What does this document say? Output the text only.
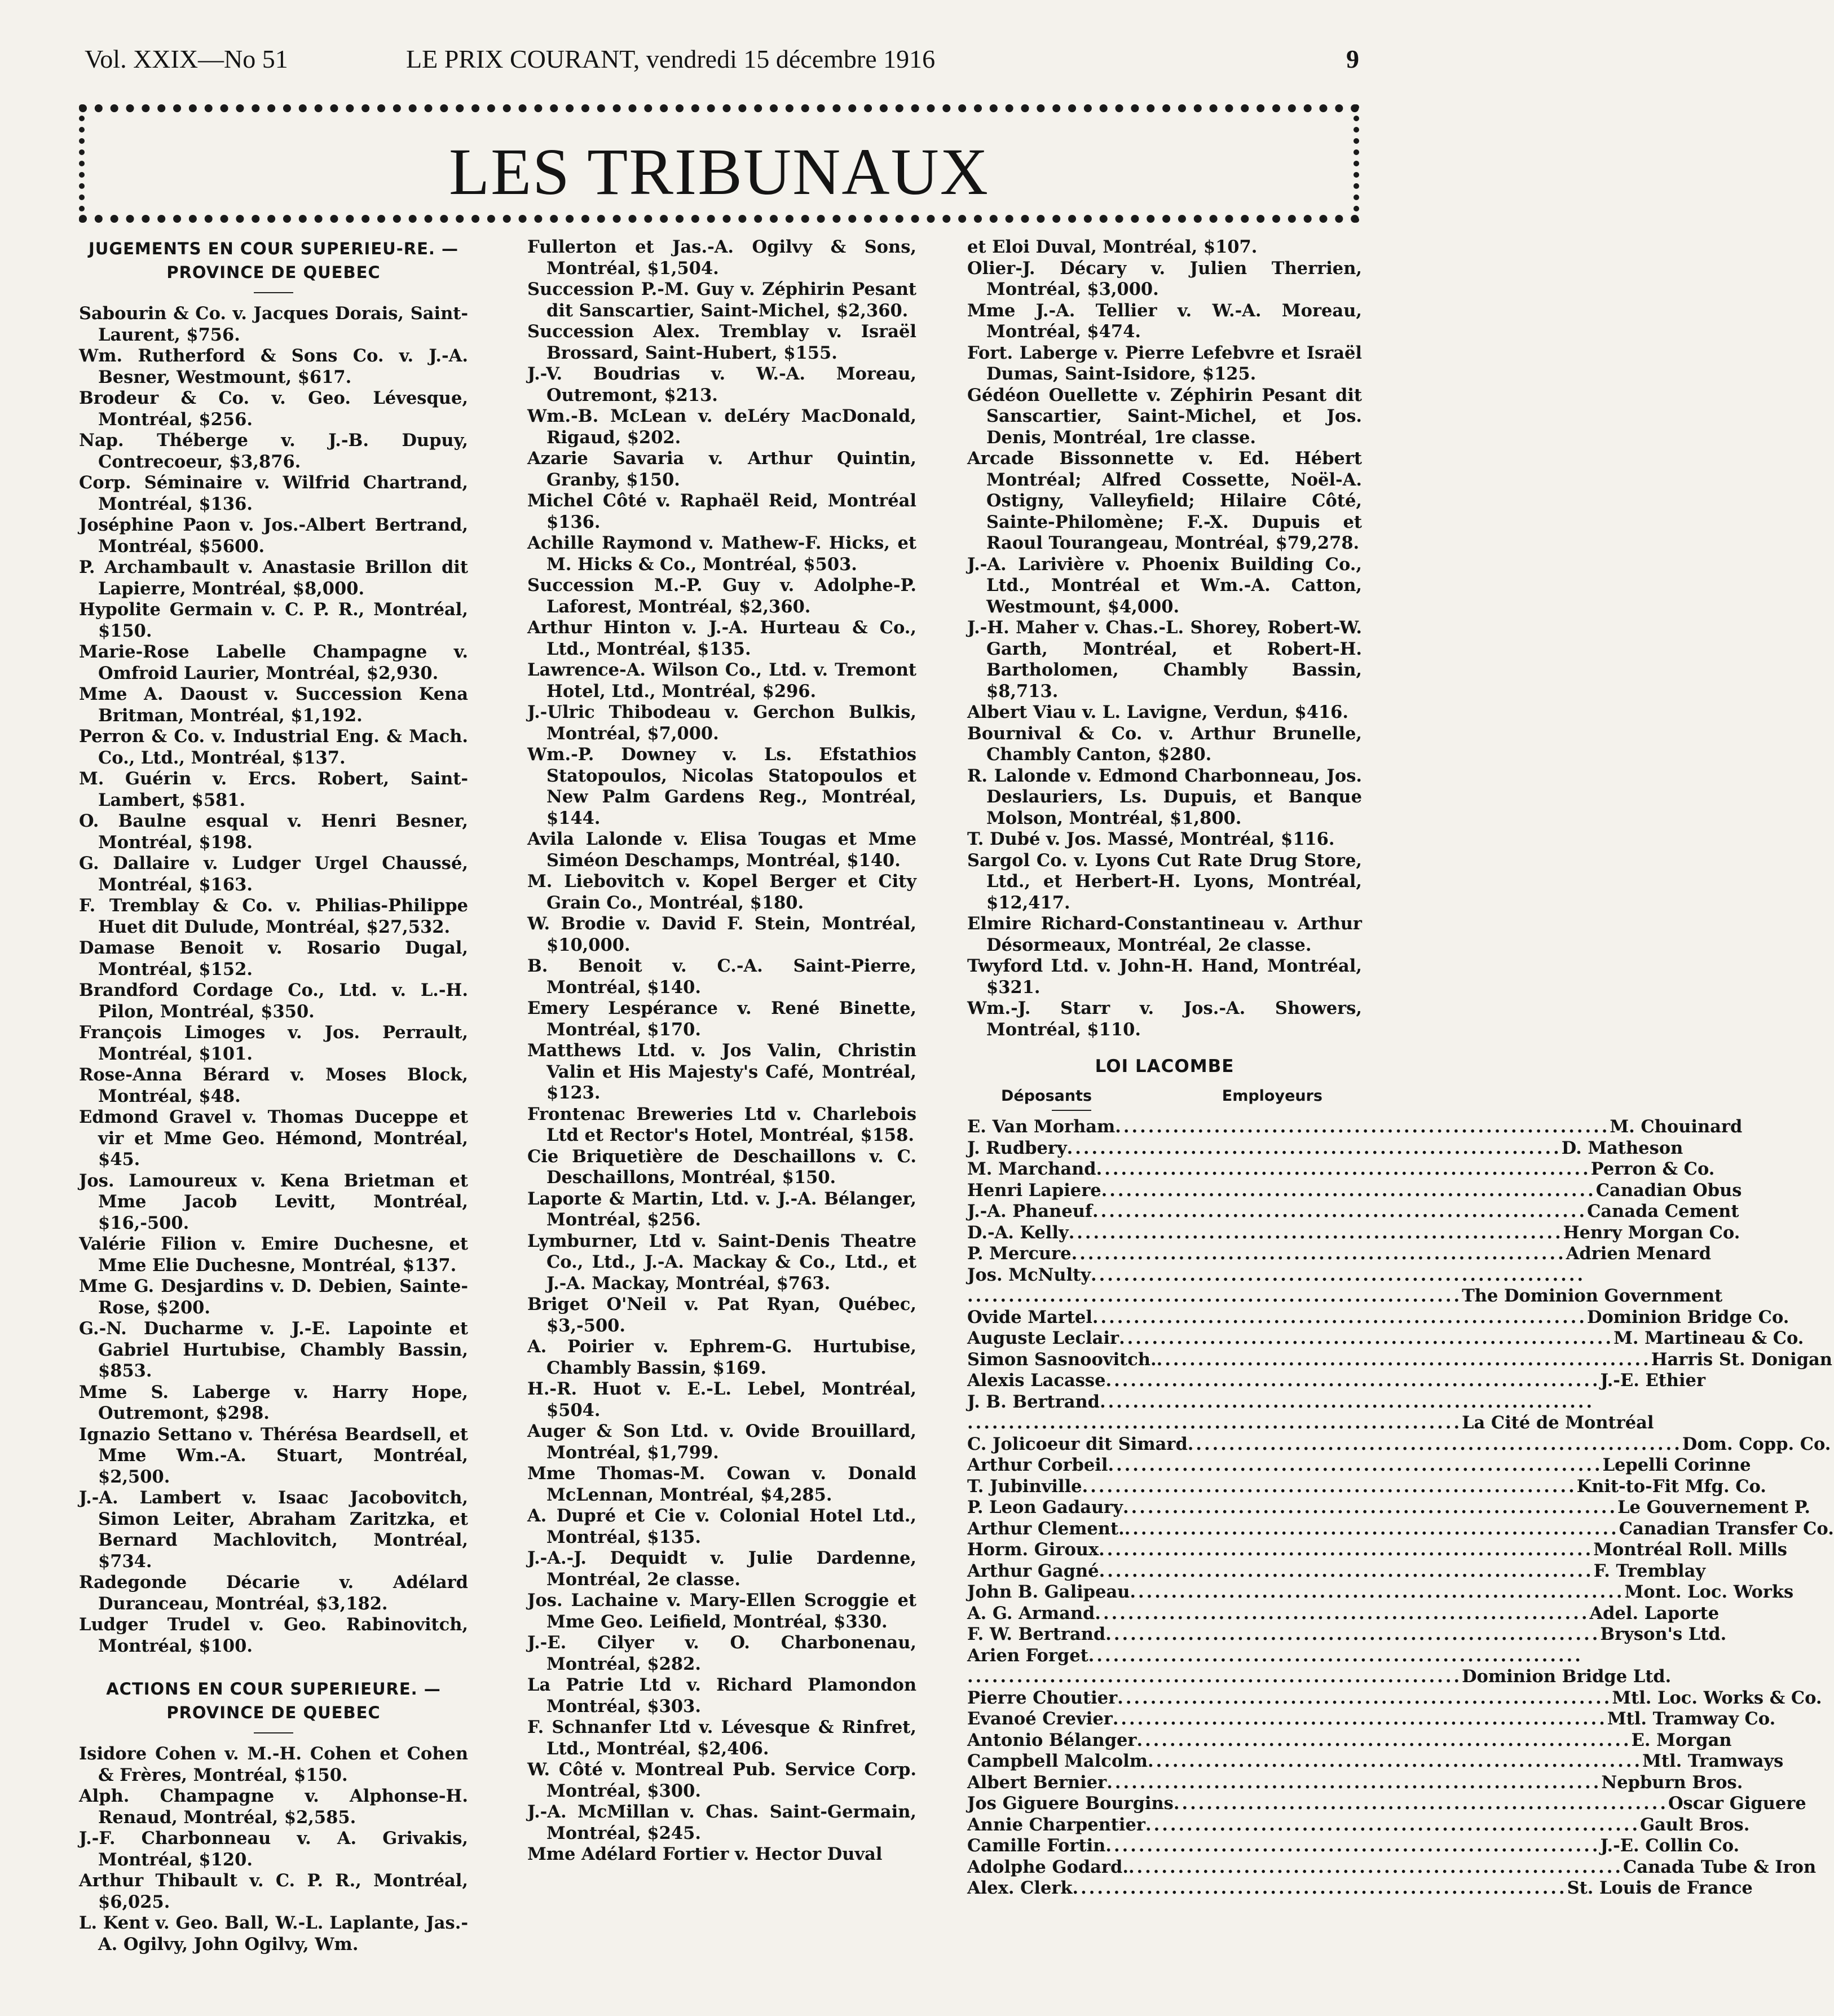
Vol. XXIX—No 51	LE PRIX COURANT, vendredi 15 décembre 1916	9
LES TRIBUNAUX
JUGEMENTS EN COUR SUPERIEU-RE. — PROVINCE DE QUEBEC
Sabourin & Co. v. Jacques Dorais, Saint-Laurent, $756.
Wm. Rutherford & Sons Co. v. J.-A. Besner, Westmount, $617.
Brodeur & Co. v. Geo. Lévesque, Montréal, $256.
Nap. Théberge v. J.-B. Dupuy, Contrecoeur, $3,876.
Corp. Séminaire v. Wilfrid Chartrand, Montréal, $136.
Joséphine Paon v. Jos.-Albert Bertrand, Montréal, $5600.
P. Archambault v. Anastasie Brillon dit Lapierre, Montréal, $8,000.
Hypolite Germain v. C. P. R., Montréal, $150.
Marie-Rose Labelle Champagne v. Omfroid Laurier, Montréal, $2,930.
Mme A. Daoust v. Succession Kena Britman, Montréal, $1,192.
Perron & Co. v. Industrial Eng. & Mach. Co., Ltd., Montréal, $137.
M. Guérin v. Ercs. Robert, Saint-Lambert, $581.
O. Baulne esqual v. Henri Besner, Montréal, $198.
G. Dallaire v. Ludger Urgel Chaussé, Montréal, $163.
F. Tremblay & Co. v. Philias-Philippe Huet dit Dulude, Montréal, $27,532.
Damase Benoit v. Rosario Dugal, Montréal, $152.
Brandford Cordage Co., Ltd. v. L.-H. Pilon, Montréal, $350.
François Limoges v. Jos. Perrault, Montréal, $101.
Rose-Anna Bérard v. Moses Block, Montréal, $48.
Edmond Gravel v. Thomas Duceppe et vir et Mme Geo. Hémond, Montréal, $45.
Jos. Lamoureux v. Kena Brietman et Mme Jacob Levitt, Montréal, $16,-500.
Valérie Filion v. Emire Duchesne, et Mme Elie Duchesne, Montréal, $137.
Mme G. Desjardins v. D. Debien, Sainte-Rose, $200.
G.-N. Ducharme v. J.-E. Lapointe et Gabriel Hurtubise, Chambly Bassin, $853.
Mme S. Laberge v. Harry Hope, Outremont, $298.
Ignazio Settano v. Thérésa Beardsell, et Mme Wm.-A. Stuart, Montréal, $2,500.
J.-A. Lambert v. Isaac Jacobovitch, Simon Leiter, Abraham Zaritzka, et Bernard Machlovitch, Montréal, $734.
Radegonde Décarie v. Adélard Duranceau, Montréal, $3,182.
Ludger Trudel v. Geo. Rabinovitch, Montréal, $100.
ACTIONS EN COUR SUPERIEURE. — PROVINCE DE QUEBEC
Isidore Cohen v. M.-H. Cohen et Cohen & Frères, Montréal, $150.
Alph. Champagne v. Alphonse-H. Renaud, Montréal, $2,585.
J.-F. Charbonneau v. A. Grivakis, Montréal, $120.
Arthur Thibault v. C. P. R., Montréal, $6,025.
L. Kent v. Geo. Ball, W.-L. Laplante, Jas.-A. Ogilvy, John Ogilvy, Wm.
Fullerton et Jas.-A. Ogilvy & Sons, Montréal, $1,504.
Succession P.-M. Guy v. Zéphirin Pesant dit Sanscartier, Saint-Michel, $2,360.
Succession Alex. Tremblay v. Israël Brossard, Saint-Hubert, $155.
J.-V. Boudrias v. W.-A. Moreau, Outremont, $213.
Wm.-B. McLean v. deLéry MacDonald, Rigaud, $202.
Azarie Savaria v. Arthur Quintin, Granby, $150.
Michel Côté v. Raphaël Reid, Montréal $136.
Achille Raymond v. Mathew-F. Hicks, et M. Hicks & Co., Montréal, $503.
Succession M.-P. Guy v. Adolphe-P. Laforest, Montréal, $2,360.
Arthur Hinton v. J.-A. Hurteau & Co., Ltd., Montréal, $135.
Lawrence-A. Wilson Co., Ltd. v. Tremont Hotel, Ltd., Montréal, $296.
J.-Ulric Thibodeau v. Gerchon Bulkis, Montréal, $7,000.
Wm.-P. Downey v. Ls. Efstathios Statopoulos, Nicolas Statopoulos et New Palm Gardens Reg., Montréal, $144.
Avila Lalonde v. Elisa Tougas et Mme Siméon Deschamps, Montréal, $140.
M. Liebovitch v. Kopel Berger et City Grain Co., Montréal, $180.
W. Brodie v. David F. Stein, Montréal, $10,000.
B. Benoit v. C.-A. Saint-Pierre, Montréal, $140.
Emery Lespérance v. René Binette, Montréal, $170.
Matthews Ltd. v. Jos Valin, Christin Valin et His Majesty's Café, Montréal, $123.
Frontenac Breweries Ltd v. Charlebois Ltd et Rector's Hotel, Montréal, $158.
Cie Briquetière de Deschaillons v. C. Deschaillons, Montréal, $150.
Laporte & Martin, Ltd. v. J.-A. Bélanger, Montréal, $256.
Lymburner, Ltd v. Saint-Denis Theatre Co., Ltd., J.-A. Mackay & Co., Ltd., et J.-A. Mackay, Montréal, $763.
Briget O'Neil v. Pat Ryan, Québec, $3,-500.
A. Poirier v. Ephrem-G. Hurtubise, Chambly Bassin, $169.
H.-R. Huot v. E.-L. Lebel, Montréal, $504.
Auger & Son Ltd. v. Ovide Brouillard, Montréal, $1,799.
Mme Thomas-M. Cowan v. Donald McLennan, Montréal, $4,285.
A. Dupré et Cie v. Colonial Hotel Ltd., Montréal, $135.
J.-A.-J. Dequidt v. Julie Dardenne, Montréal, 2e classe.
Jos. Lachaine v. Mary-Ellen Scroggie et Mme Geo. Leifield, Montréal, $330.
J.-E. Cilyer v. O. Charbonenau, Montréal, $282.
La Patrie Ltd v. Richard Plamondon Montréal, $303.
F. Schnanfer Ltd v. Lévesque & Rinfret, Ltd., Montréal, $2,406.
W. Côté v. Montreal Pub. Service Corp. Montréal, $300.
J.-A. McMillan v. Chas. Saint-Germain, Montréal, $245.
Mme Adélard Fortier v. Hector Duval
et Eloi Duval, Montréal, $107.
Olier-J. Décary v. Julien Therrien, Montréal, $3,000.
Mme J.-A. Tellier v. W.-A. Moreau, Montréal, $474.
Fort. Laberge v. Pierre Lefebvre et Israël Dumas, Saint-Isidore, $125.
Gédéon Ouellette v. Zéphirin Pesant dit Sanscartier, Saint-Michel, et Jos. Denis, Montréal, 1re classe.
Arcade Bissonnette v. Ed. Hébert Montréal; Alfred Cossette, Noël-A. Ostigny, Valleyfield; Hilaire Côté, Sainte-Philomène; F.-X. Dupuis et Raoul Tourangeau, Montréal, $79,278.
J.-A. Larivière v. Phoenix Building Co., Ltd., Montréal et Wm.-A. Catton, Westmount, $4,000.
J.-H. Maher v. Chas.-L. Shorey, Robert-W. Garth, Montréal, et Robert-H. Bartholomen, Chambly Bassin, $8,713.
Albert Viau v. L. Lavigne, Verdun, $416.
Bournival & Co. v. Arthur Brunelle, Chambly Canton, $280.
R. Lalonde v. Edmond Charbonneau, Jos. Deslauriers, Ls. Dupuis, et Banque Molson, Montréal, $1,800.
T. Dubé v. Jos. Massé, Montréal, $116.
Sargol Co. v. Lyons Cut Rate Drug Store, Ltd., et Herbert-H. Lyons, Montréal, $12,417.
Elmire Richard-Constantineau v. Arthur Désormeaux, Montréal, 2e classe.
Twyford Ltd. v. John-H. Hand, Montréal, $321.
Wm.-J. Starr v. Jos.-A. Showers, Montréal, $110.
LOI LACOMBE
Déposants	Employeurs
E. Van Morham ............................................................ M. Chouinard
J. Rudbery ............................................................ D. Matheson
M. Marchand ............................................................ Perron & Co.
Henri Lapiere ............................................................ Canadian Obus
J.-A. Phaneuf ............................................................ Canada Cement
D.-A. Kelly ............................................................ Henry Morgan Co.
P. Mercure ............................................................ Adrien Menard
Jos. McNulty ............................................................
............................................................ The Dominion Government
Ovide Martel ............................................................ Dominion Bridge Co.
Auguste Leclair ............................................................ M. Martineau & Co.
Simon Sasnoovitch. ............................................................ Harris St. Donigan
Alexis Lacasse ............................................................ J.-E. Ethier
J. B. Bertrand ............................................................
............................................................ La Cité de Montréal
C. Jolicoeur dit Simard ............................................................ Dom. Copp. Co.
Arthur Corbeil ............................................................ Lepelli Corinne
T. Jubinville ............................................................ Knit-to-Fit Mfg. Co.
P. Leon Gadaury ............................................................ Le Gouvernement P.
Arthur Clement. ............................................................ Canadian Transfer Co.
Horm. Giroux ............................................................ Montréal Roll. Mills
Arthur Gagné ............................................................ F. Tremblay
John B. Galipeau ............................................................ Mont. Loc. Works
A. G. Armand ............................................................ Adel. Laporte
F. W. Bertrand ............................................................ Bryson's Ltd.
Arien Forget ............................................................
............................................................ Dominion Bridge Ltd.
Pierre Choutier ............................................................ Mtl. Loc. Works & Co.
Evanoé Crevier ............................................................ Mtl. Tramway Co.
Antonio Bélanger ............................................................ E. Morgan
Campbell Malcolm ............................................................ Mtl. Tramways
Albert Bernier ............................................................ Nepburn Bros.
Jos Giguere Bourgins ............................................................ Oscar Giguere
Annie Charpentier ............................................................ Gault Bros.
Camille Fortin ............................................................ J.-E. Collin Co.
Adolphe Godard. ............................................................ Canada Tube & Iron
Alex. Clerk ............................................................ St. Louis de France
